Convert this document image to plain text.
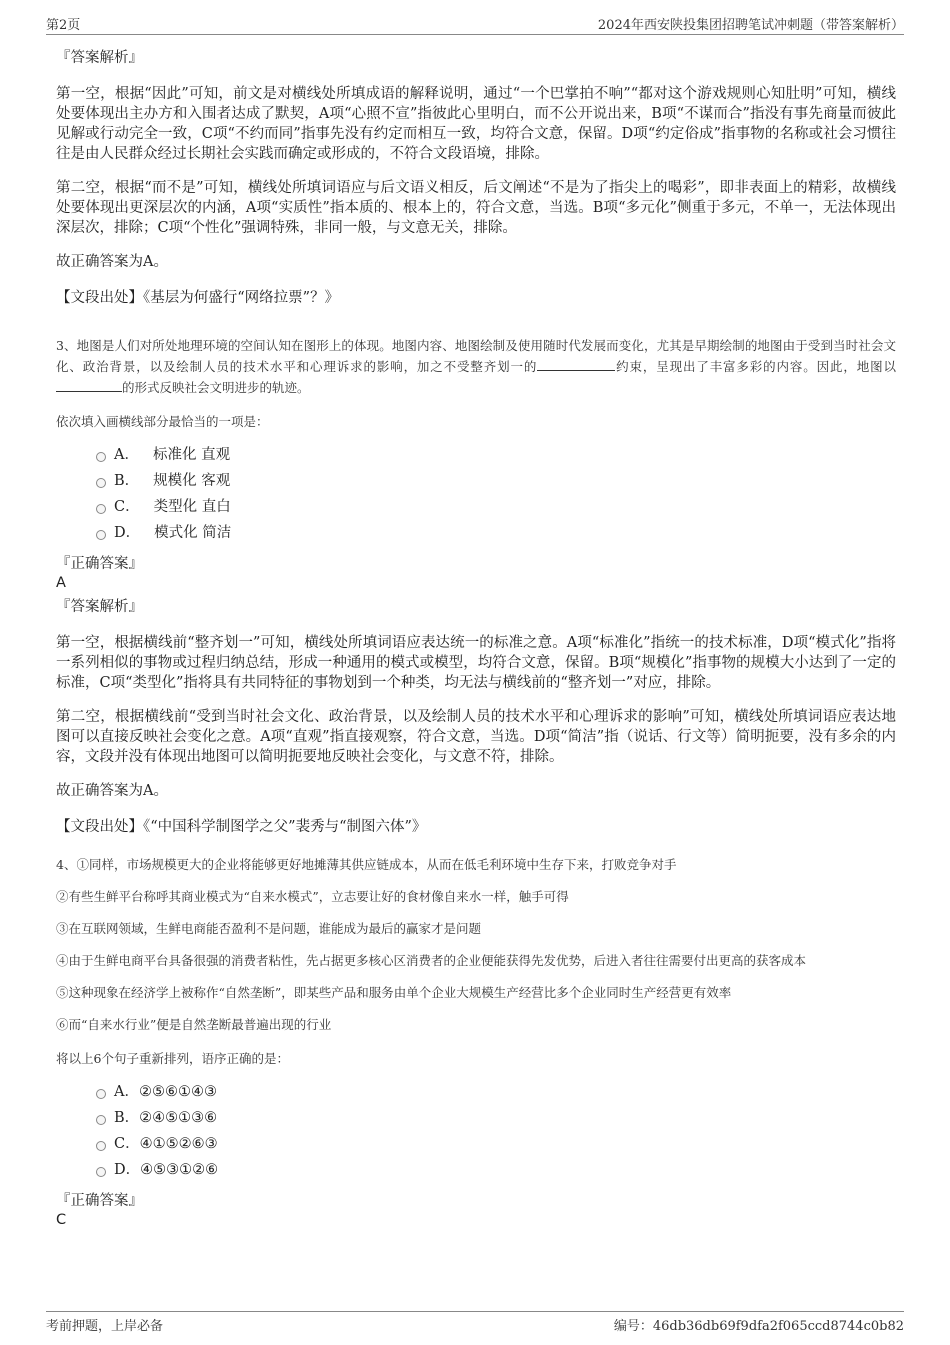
第2页	2024年西安陕投集团招聘笔试冲刺题（带答案解析）
『答案解析』
第一空，根据“因此”可知，前文是对横线处所填成语的解释说明，通过“一个巴掌拍不响”“都对这个游戏规则心知肚明”可知，横线处要体现出主办方和入围者达成了默契，A项“心照不宣”指彼此心里明白，而不公开说出来，B项“不谋而合”指没有事先商量而彼此见解或行动完全一致，C项“不约而同”指事先没有约定而相互一致，均符合文意，保留。D项“约定俗成”指事物的名称或社会习惯往往是由人民群众经过长期社会实践而确定或形成的，不符合文段语境，排除。
第二空，根据“而不是”可知，横线处所填词语应与后文语义相反，后文阐述“不是为了指尖上的喝彩”，即非表面上的精彩，故横线处要体现出更深层次的内涵，A项“实质性”指本质的、根本上的，符合文意，当选。B项“多元化”侧重于多元，不单一，无法体现出深层次，排除；C项“个性化”强调特殊，非同一般，与文意无关，排除。
故正确答案为A。
【文段出处】《基层为何盛行“网络拉票”？》
3、地图是人们对所处地理环境的空间认知在图形上的体现。地图内容、地图绘制及使用随时代发展而变化，尤其是早期绘制的地图由于受到当时社会文化、政治背景，以及绘制人员的技术水平和心理诉求的影响，加之不受整齐划一的	约束，呈现出了丰富多彩的内容。因此，地图以的形式反映社会文明进步的轨迹。
依次填入画横线部分最恰当的一项是：
A． 标准化 直观
B． 规模化 客观
C． 类型化 直白
D． 模式化 简洁
『正确答案』
A
『答案解析』
第一空，根据横线前“整齐划一”可知，横线处所填词语应表达统一的标准之意。A项“标准化”指统一的技术标准，D项“模式化”指将一系列相似的事物或过程归纳总结，形成一种通用的模式或模型，均符合文意，保留。B项“规模化”指事物的规模大小达到了一定的标准，C项“类型化”指将具有共同特征的事物划到一个种类，均无法与横线前的“整齐划一”对应，排除。
第二空，根据横线前“受到当时社会文化、政治背景，以及绘制人员的技术水平和心理诉求的影响”可知，横线处所填词语应表达地图可以直接反映社会变化之意。A项“直观”指直接观察，符合文意，当选。D项“简洁”指（说话、行文等）简明扼要，没有多余的内容，文段并没有体现出地图可以简明扼要地反映社会变化，与文意不符，排除。
故正确答案为A。
【文段出处】《“中国科学制图学之父”裴秀与“制图六体”》
4、①同样，市场规模更大的企业将能够更好地摊薄其供应链成本，从而在低毛利环境中生存下来，打败竞争对手
②有些生鲜平台称呼其商业模式为“自来水模式”，立志要让好的食材像自来水一样，触手可得
③在互联网领域，生鲜电商能否盈利不是问题，谁能成为最后的赢家才是问题
④由于生鲜电商平台具备很强的消费者粘性，先占据更多核心区消费者的企业便能获得先发优势，后进入者往往需要付出更高的获客成本
⑤这种现象在经济学上被称作“自然垄断”，即某些产品和服务由单个企业大规模生产经营比多个企业同时生产经营更有效率
⑥而“自来水行业”便是自然垄断最普遍出现的行业
将以上6个句子重新排列，语序正确的是：
A． ②⑤⑥①④③
B． ②④⑤①③⑥
C． ④①⑤②⑥③
D． ④⑤③①②⑥
『正确答案』
C
考前押题，上岸必备	编号：46db36db69f9dfa2f065ccd8744c0b82
